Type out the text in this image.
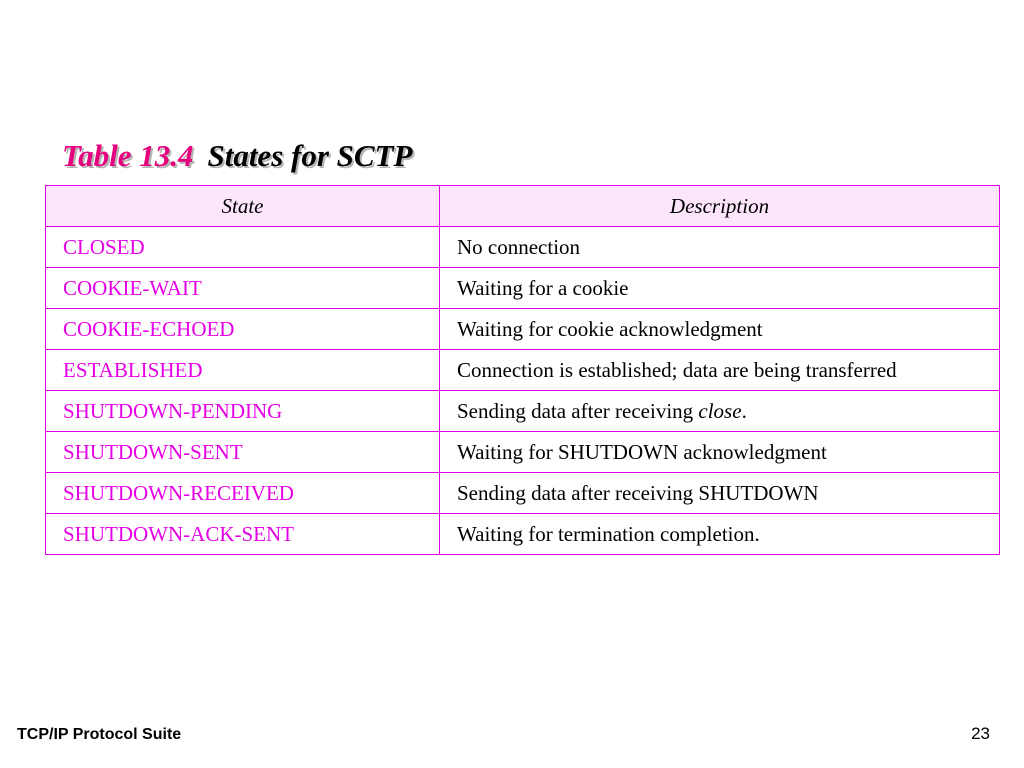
Table 13.4 States for SCTP
State	Description
CLOSED	No connection
COOKIE-WAIT	Waiting for a cookie
COOKIE-ECHOED	Waiting for cookie acknowledgment
ESTABLISHED	Connection is established; data are being transferred
SHUTDOWN-PENDING	Sending data after receiving close.
SHUTDOWN-SENT	Waiting for SHUTDOWN acknowledgment
SHUTDOWN-RECEIVED	Sending data after receiving SHUTDOWN
SHUTDOWN-ACK-SENT	Waiting for termination completion.
TCP/IP Protocol Suite	23
